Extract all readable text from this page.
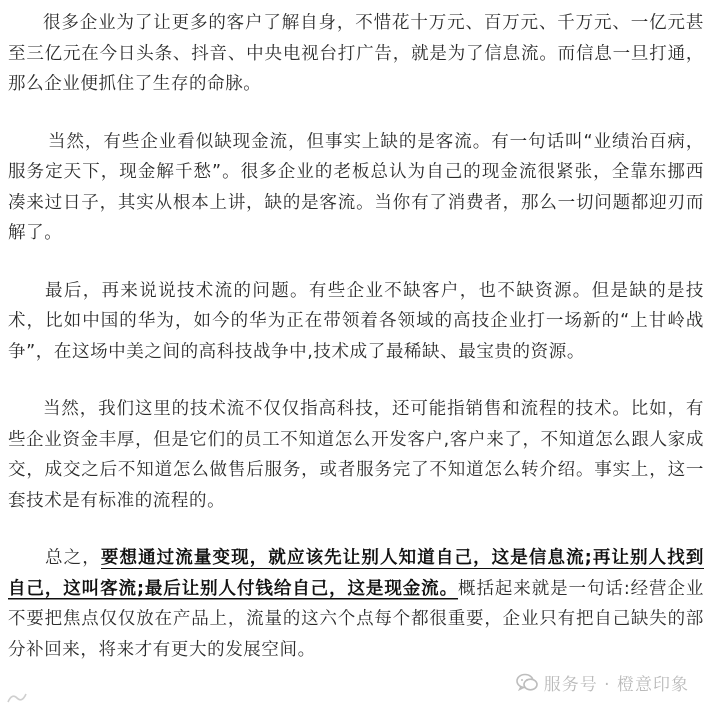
很多企业为了让更多的客户了解自身，不惜花十万元、百万元、千万元、一亿元甚至三亿元在今日头条、抖音、中央电视台打广告，就是为了信息流。而信息一旦打通，那么企业便抓住了生存的命脉。

当然，有些企业看似缺现金流，但事实上缺的是客流。有一句话叫“业绩治百病，服务定天下，现金解千愁”。很多企业的老板总认为自己的现金流很紧张，全靠东挪西凑来过日子，其实从根本上讲，缺的是客流。当你有了消费者，那么一切问题都迎刃而解了。

最后，再来说说技术流的问题。有些企业不缺客户，也不缺资源。但是缺的是技术，比如中国的华为，如今的华为正在带领着各领域的高技企业打一场新的“上甘岭战争”，在这场中美之间的高科技战争中,技术成了最稀缺、最宝贵的资源。

当然，我们这里的技术流不仅仅指高科技，还可能指销售和流程的技术。比如，有些企业资金丰厚，但是它们的员工不知道怎么开发客户,客户来了，不知道怎么跟人家成交，成交之后不知道怎么做售后服务，或者服务完了不知道怎么转介绍。事实上，这一套技术是有标准的流程的。

总之，要想通过流量变现，就应该先让别人知道自己，这是信息流;再让别人找到自己，这叫客流;最后让别人付钱给自己，这是现金流。概括起来就是一句话:经营企业不要把焦点仅仅放在产品上，流量的这六个点每个都很重要，企业只有把自己缺失的部分补回来，将来才有更大的发展空间。

服务号 · 橙意印象
